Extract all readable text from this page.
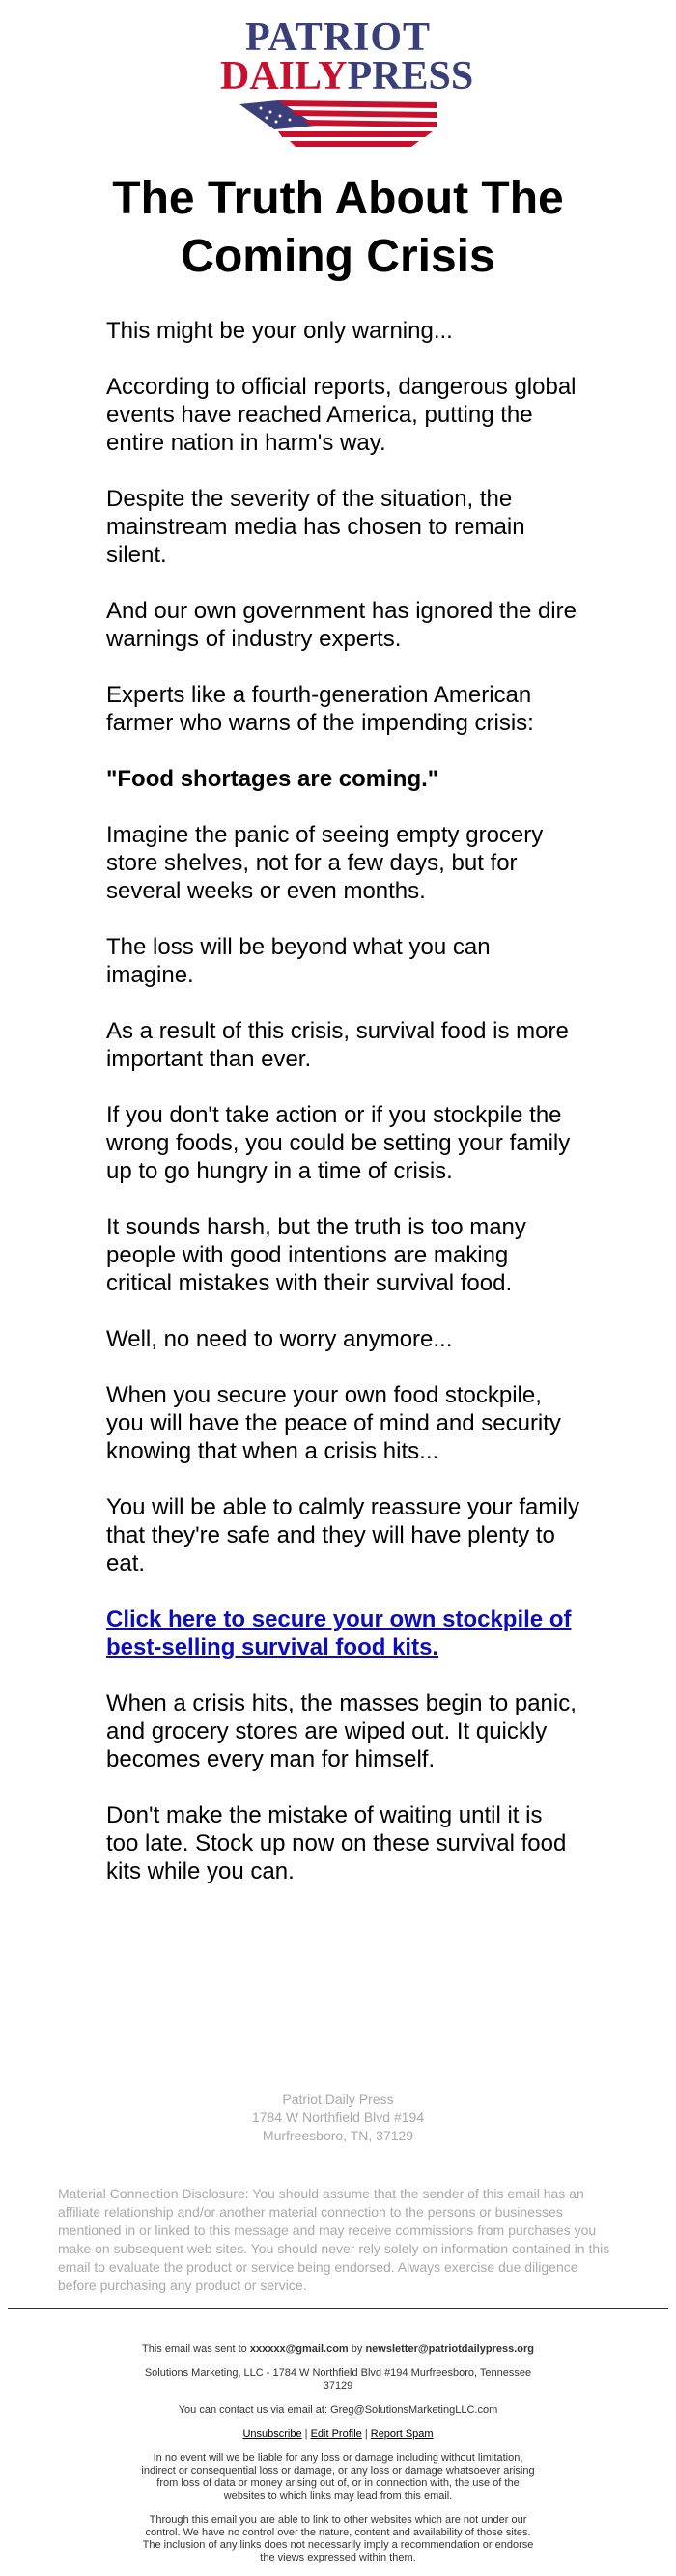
PATRIOT
DAILYPRESS
The Truth About The Coming Crisis

This might be your only warning...

According to official reports, dangerous global events have reached America, putting the entire nation in harm's way.

Despite the severity of the situation, the mainstream media has chosen to remain silent.

And our own government has ignored the dire warnings of industry experts.

Experts like a fourth-generation American farmer who warns of the impending crisis:

"Food shortages are coming."

Imagine the panic of seeing empty grocery store shelves, not for a few days, but for several weeks or even months.

The loss will be beyond what you can imagine.

As a result of this crisis, survival food is more important than ever.

If you don't take action or if you stockpile the wrong foods, you could be setting your family up to go hungry in a time of crisis.

It sounds harsh, but the truth is too many people with good intentions are making critical mistakes with their survival food.

Well, no need to worry anymore...

When you secure your own food stockpile, you will have the peace of mind and security knowing that when a crisis hits...

You will be able to calmly reassure your family that they're safe and they will have plenty to eat.

Click here to secure your own stockpile of best-selling survival food kits.

When a crisis hits, the masses begin to panic, and grocery stores are wiped out. It quickly becomes every man for himself.

Don't make the mistake of waiting until it is too late. Stock up now on these survival food kits while you can.

Patriot Daily Press
1784 W Northfield Blvd #194
Murfreesboro, TN, 37129
Material Connection Disclosure: You should assume that the sender of this email has an affiliate relationship and/or another material connection to the persons or businesses mentioned in or linked to this message and may receive commissions from purchases you make on subsequent web sites. You should never rely solely on information contained in this email to evaluate the product or service being endorsed. Always exercise due diligence before purchasing any product or service.

This email was sent to xxxxxx@gmail.com by newsletter@patriotdailypress.org

Solutions Marketing, LLC - 1784 W Northfield Blvd #194 Murfreesboro, Tennessee 37129

You can contact us via email at: Greg@SolutionsMarketingLLC.com

Unsubscribe | Edit Profile | Report Spam

In no event will we be liable for any loss or damage including without limitation, indirect or consequential loss or damage, or any loss or damage whatsoever arising from loss of data or money arising out of, or in connection with, the use of the websites to which links may lead from this email.

Through this email you are able to link to other websites which are not under our control. We have no control over the nature, content and availability of those sites. The inclusion of any links does not necessarily imply a recommendation or endorse the views expressed within them.
